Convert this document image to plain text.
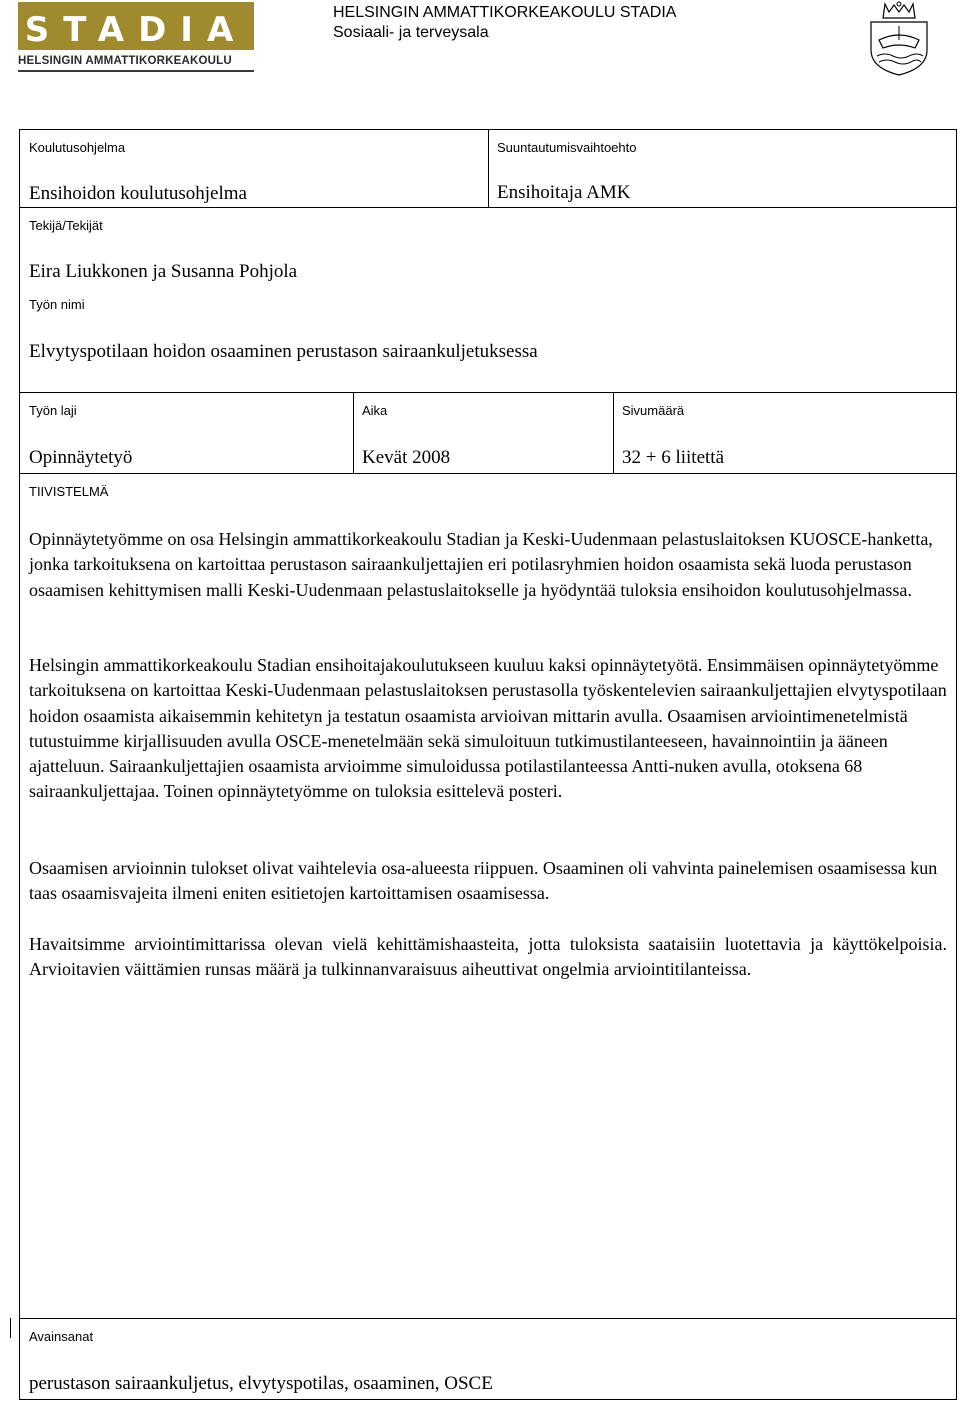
STADIA
HELSINGIN AMMATTIKORKEAKOULU
HELSINGIN AMMATTIKORKEAKOULU STADIA
Sosiaali- ja terveysala
Koulutusohjelma
Ensihoidon koulutusohjelma
Suuntautumisvaihtoehto
Ensihoitaja AMK
Tekijä/Tekijät
Eira Liukkonen ja Susanna Pohjola
Työn nimi
Elvytyspotilaan hoidon osaaminen perustason sairaankuljetuksessa
Työn laji
Opinnäytetyö
Aika
Kevät 2008
Sivumäärä
32 + 6 liitettä
TIIVISTELMÄ
Opinnäytetyömme on osa Helsingin ammattikorkeakoulu Stadian ja Keski-Uudenmaan pelastuslaitoksen KUOSCE-hanketta, jonka tarkoituksena on kartoittaa perustason sairaankuljettajien eri potilasryhmien hoidon osaamista sekä luoda perustason osaamisen kehittymisen malli Keski-Uudenmaan pelastuslaitokselle ja hyödyntää tuloksia ensihoidon koulutusohjelmassa.
Helsingin ammattikorkeakoulu Stadian ensihoitajakoulutukseen kuuluu kaksi opinnäytetyötä. Ensimmäisen opinnäytetyömme tarkoituksena on kartoittaa Keski-Uudenmaan pelastuslaitoksen perustasolla työskentelevien sairaankuljettajien elvytyspotilaan hoidon osaamista aikaisemmin kehitetyn ja testatun osaamista arvioivan mittarin avulla. Osaamisen arviointimenetelmistä tutustuimme kirjallisuuden avulla OSCE-menetelmään sekä simuloituun tutkimustilanteeseen, havainnointiin ja ääneen ajatteluun. Sairaankuljettajien osaamista arvioimme simuloidussa potilastilanteessa Antti-nuken avulla, otoksena 68 sairaankuljettajaa. Toinen opinnäytetyömme on tuloksia esittelevä posteri.
Osaamisen arvioinnin tulokset olivat vaihtelevia osa-alueesta riippuen. Osaaminen oli vahvinta painelemisen osaamisessa kun taas osaamisvajeita ilmeni eniten esitietojen kartoittamisen osaamisessa.
Havaitsimme arviointimittarissa olevan vielä kehittämishaasteita, jotta tuloksista saataisiin luotettavia ja käyttökelpoisia. Arvioitavien väittämien runsas määrä ja tulkinnanvaraisuus aiheuttivat ongelmia arviointitilanteissa.
Avainsanat
perustason sairaankuljetus, elvytyspotilas, osaaminen, OSCE
